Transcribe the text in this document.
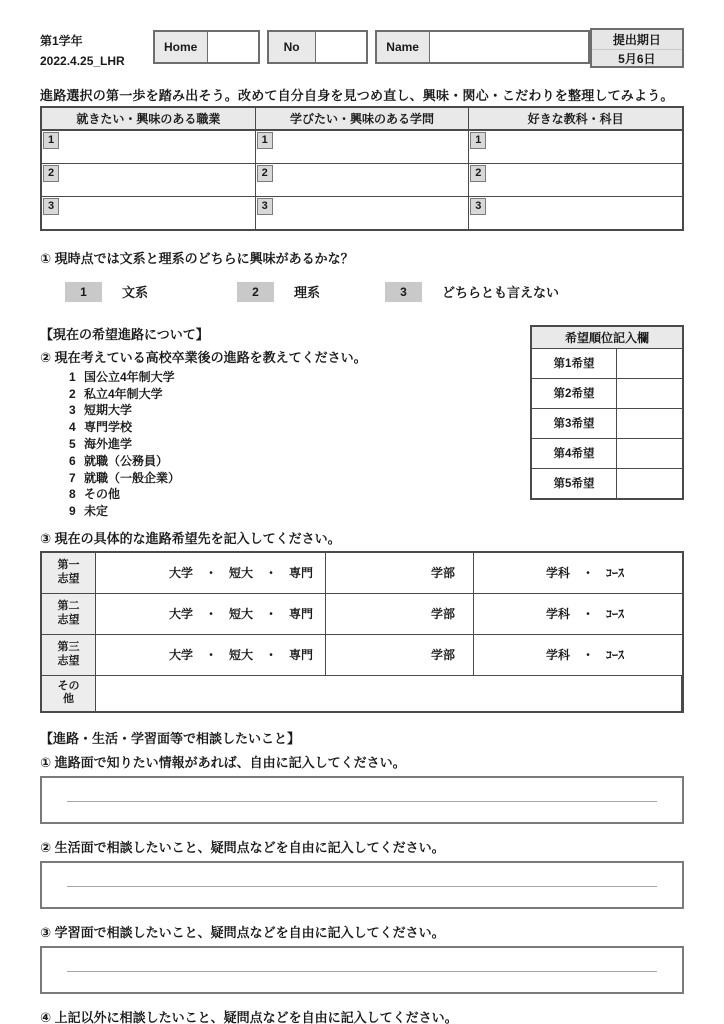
第1学年
2022.4.25_LHR
Home	No	Name	提出期日
5月6日
進路選択の第一歩を踏み出そう。改めて自分自身を見つめ直し、興味・関心・こだわりを整理してみよう。
就きたい・興味のある職業	学びたい・興味のある学問	好きな教科・科目
1	1	1
2	2	2
3	3	3
① 現時点では文系と理系のどちらに興味があるかな？
1	文系	2	理系	3	どちらとも言えない
【現在の希望進路について】
② 現在考えている高校卒業後の進路を教えてください。
1 国公立4年制大学
2 私立4年制大学
3 短期大学
4 専門学校
5 海外進学
6 就職（公務員）
7 就職（一般企業）
8 その他
9 未定
希望順位記入欄
第1希望
第2希望
第3希望
第4希望
第5希望
③ 現在の具体的な進路希望先を記入してください。
第一志望	大学　・　短大　・　専門	学部	学科　・　ｺｰｽ
第二志望	大学　・　短大　・　専門	学部	学科　・　ｺｰｽ
第三志望	大学　・　短大　・　専門	学部	学科　・　ｺｰｽ
その他
【進路・生活・学習面等で相談したいこと】
① 進路面で知りたい情報があれば、自由に記入してください。
② 生活面で相談したいこと、疑問点などを自由に記入してください。
③ 学習面で相談したいこと、疑問点などを自由に記入してください。
④ 上記以外に相談したいこと、疑問点などを自由に記入してください。
